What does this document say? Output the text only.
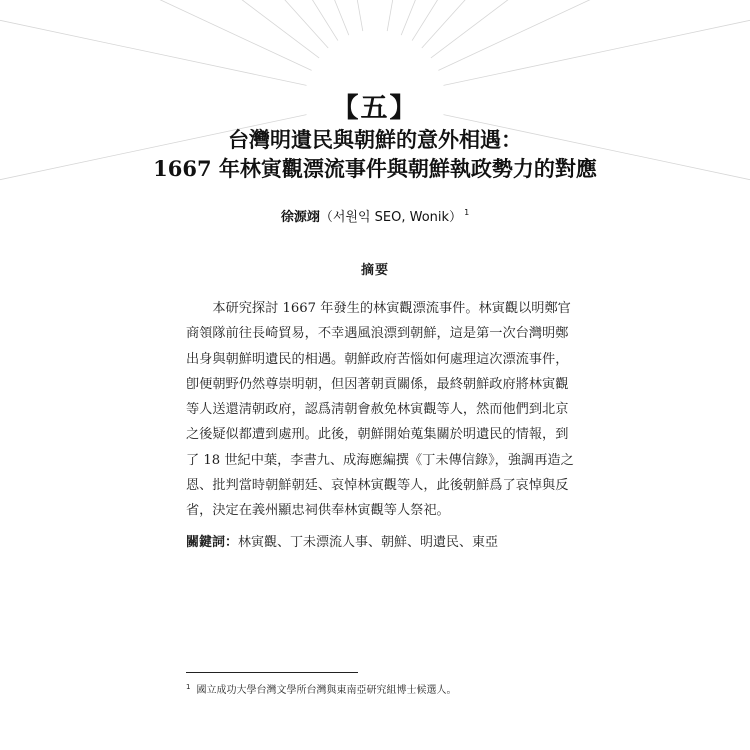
【五】
台灣明遺民與朝鮮的意外相遇：
1667 年林寅觀漂流事件與朝鮮執政勢力的對應
徐源翊（서원익 SEO, Wonik） $^1$
摘要
　　本研究探討 1667 年發生的林寅觀漂流事件。林寅觀以明鄭官
商領隊前往長崎貿易，不幸遇風浪漂到朝鮮，這是第一次台灣明鄭
出身與朝鮮明遺民的相遇。朝鮮政府苦惱如何處理這次漂流事件，
卽便朝野仍然尊崇明朝，但因著朝貢關係，最終朝鮮政府將林寅觀
等人送還淸朝政府，認爲淸朝會赦免林寅觀等人，然而他們到北京
之後疑似都遭到處刑。此後，朝鮮開始蒐集關於明遺民的情報，到
了 18 世紀中葉，李書九、成海應編撰《丁未傳信錄》，強調再造之
恩、批判當時朝鮮朝廷、哀悼林寅觀等人，此後朝鮮爲了哀悼與反
省，決定在義州顯忠祠供奉林寅觀等人祭祀。
關鍵詞：林寅觀、丁未漂流人事、朝鮮、明遺民、東亞
$^1$ 國立成功大學台灣文學所台灣與東南亞研究組博士候選人。
